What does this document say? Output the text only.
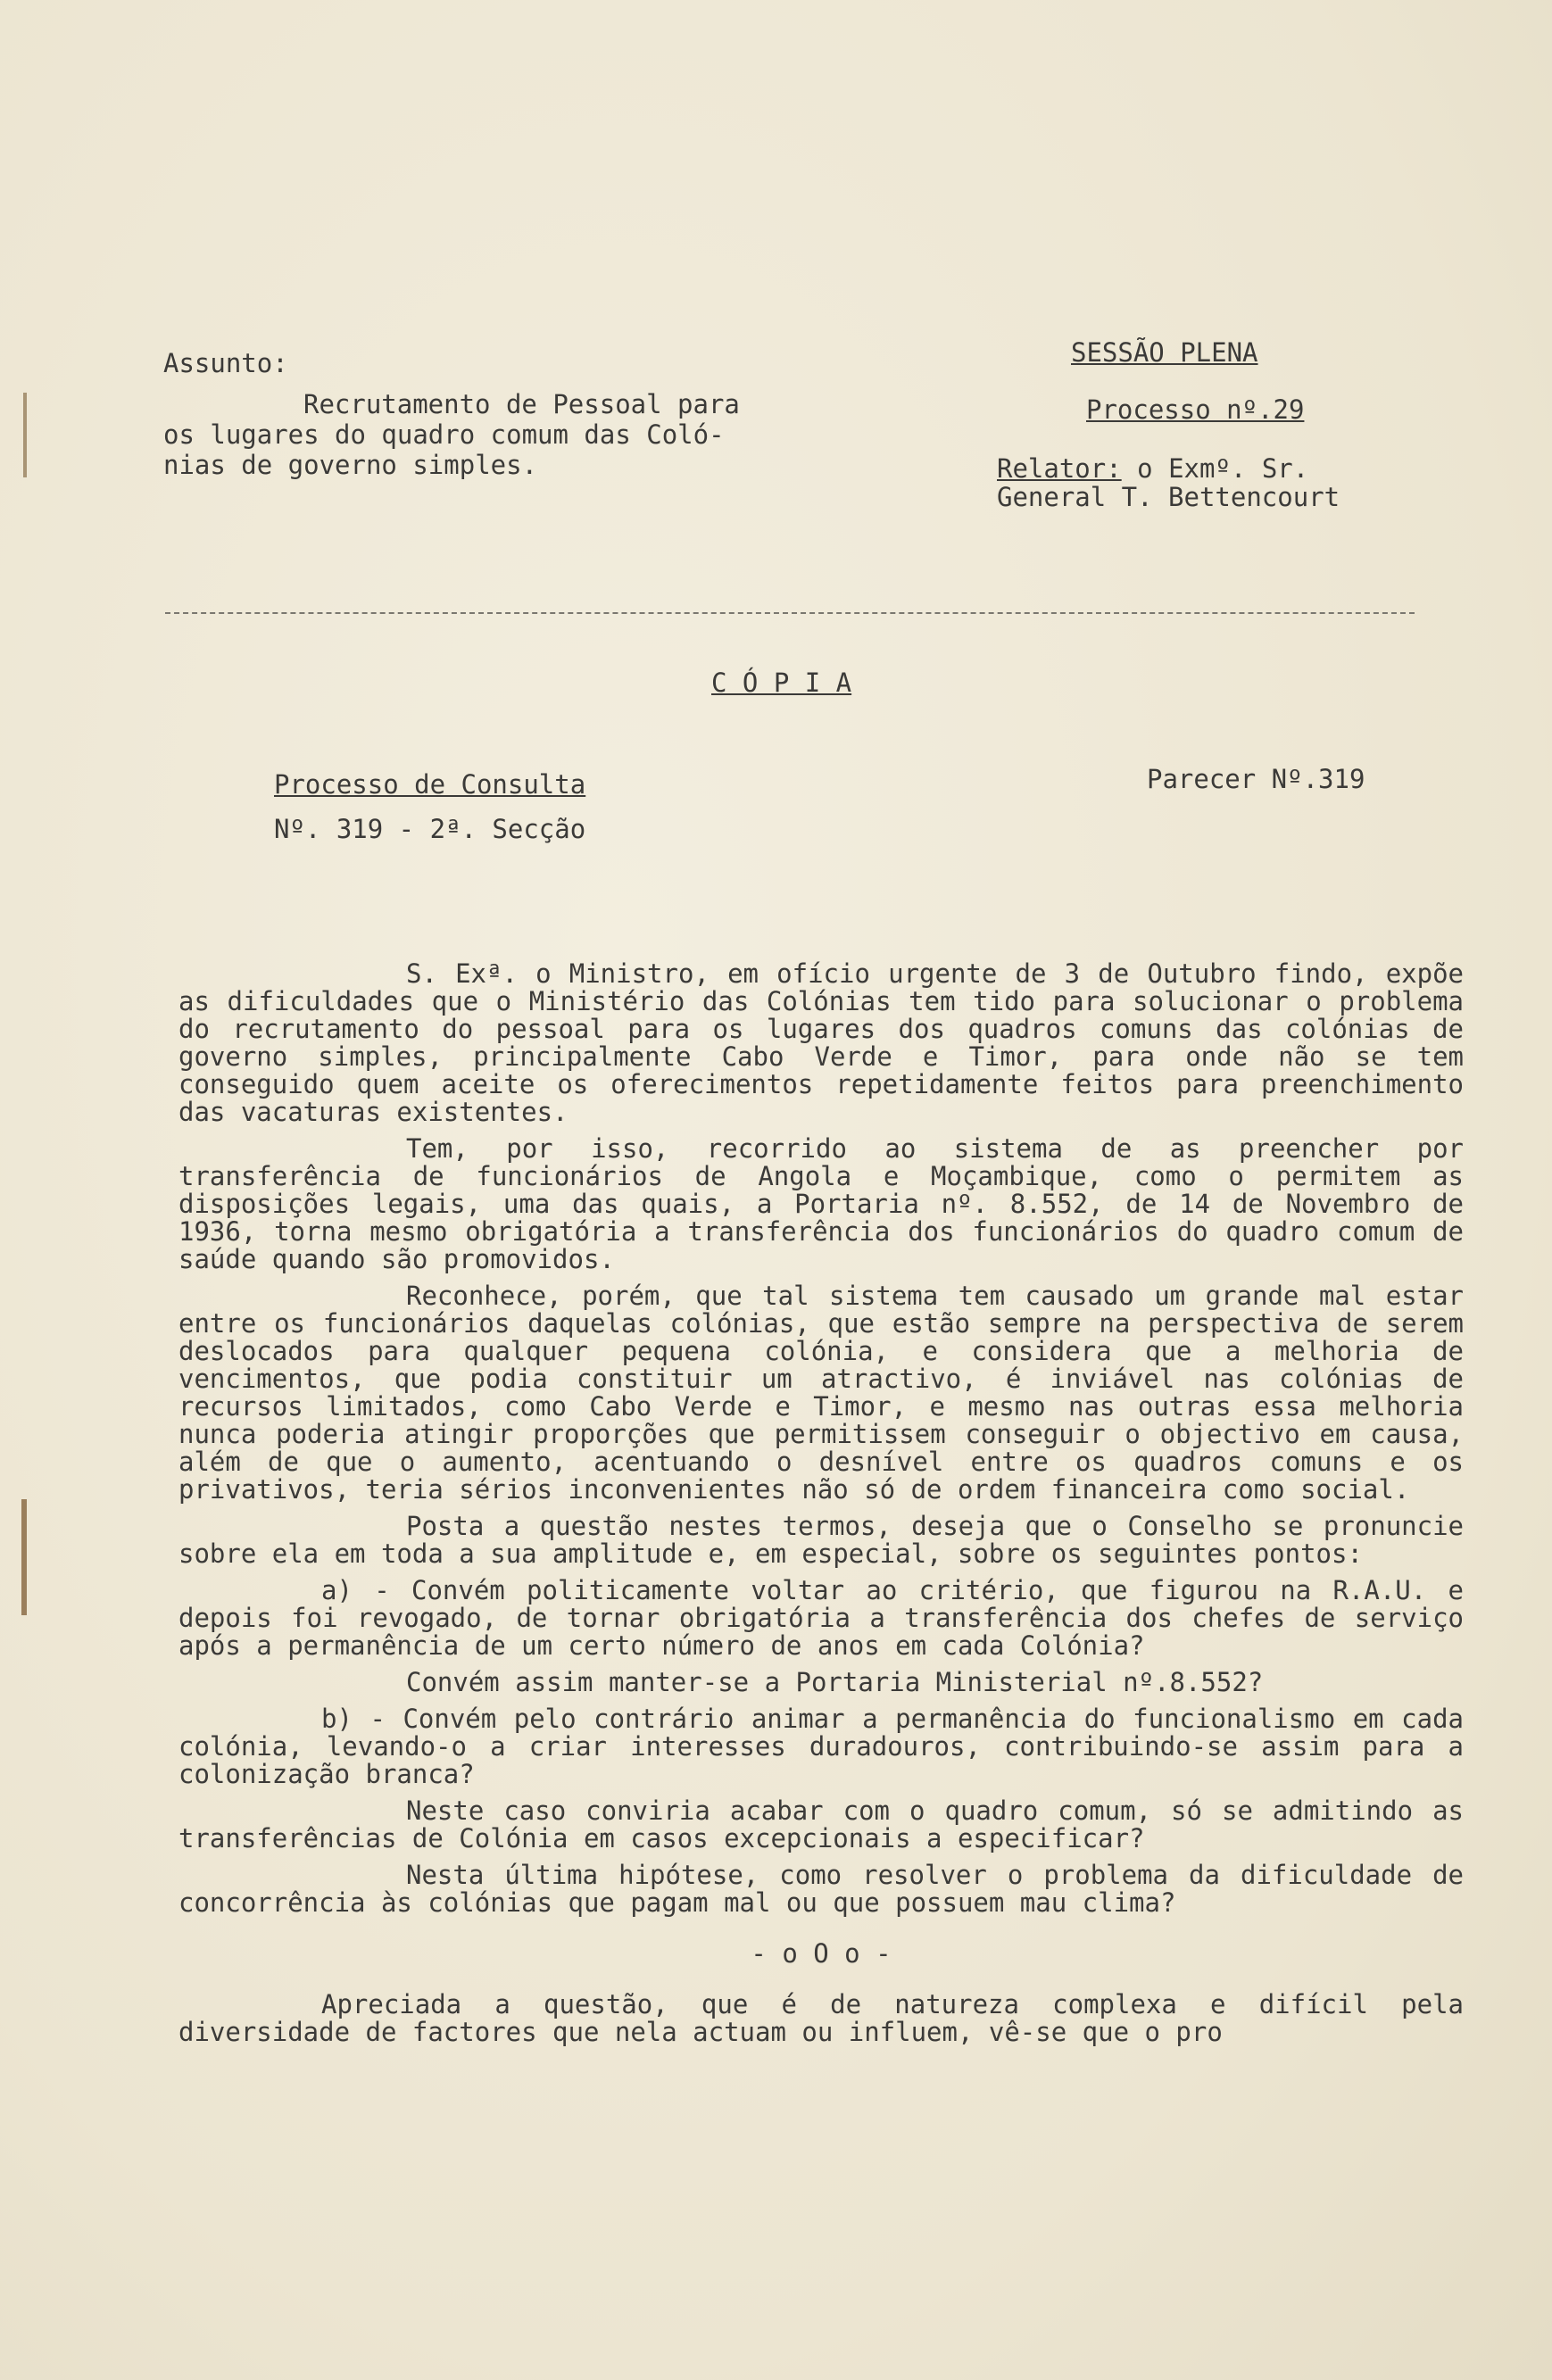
Assunto:
Recrutamento de Pessoal para
os lugares do quadro comum das Coló-
nias de governo simples.
SESSÃO PLENA
Processo nº.29
Relator: o Exmº. Sr.
General T. Bettencourt
C Ó P I A
Processo de Consulta
Nº. 319 - 2ª. Secção
Parecer Nº.319

S. Exª. o Ministro, em ofício urgente de 3 de Outubro findo, expõe as dificuldades que o Ministério das Colónias tem tido para solucionar o problema do recrutamento do pessoal para os lugares dos quadros comuns das colónias de governo simples, principalmente Cabo Verde e Timor, para onde não se tem conseguido quem aceite os oferecimentos repetidamente feitos para preenchimento das vacaturas existentes.

Tem, por isso, recorrido ao sistema de as preencher por transferência de funcionários de Angola e Moçambique, como o permitem as disposições legais, uma das quais, a Portaria nº. 8.552, de 14 de Novembro de 1936, torna mesmo obrigatória a transferência dos funcionários do quadro comum de saúde quando são promovidos.

Reconhece, porém, que tal sistema tem causado um grande mal estar entre os funcionários daquelas colónias, que estão sempre na perspectiva de serem deslocados para qualquer pequena colónia, e considera que a melhoria de vencimentos, que podia constituir um atractivo, é inviável nas colónias de recursos limitados, como Cabo Verde e Timor, e mesmo nas outras essa melhoria nunca poderia atingir proporções que permitissem conseguir o objectivo em causa, além de que o aumento, acentuando o desnível entre os quadros comuns e os privativos, teria sérios inconvenientes não só de ordem financeira como social.

Posta a questão nestes termos, deseja que o Conselho se pronuncie sobre ela em toda a sua amplitude e, em especial, sobre os seguintes pontos:

a) - Convém politicamente voltar ao critério, que figurou na R.A.U. e depois foi revogado, de tornar obrigatória a transferência dos chefes de serviço após a permanência de um certo número de anos em cada Colónia?

Convém assim manter-se a Portaria Ministerial nº.8.552?

b) - Convém pelo contrário animar a permanência do funcionalismo em cada colónia, levando-o a criar interesses duradouros, contribuindo-se assim para a colonização branca?

Neste caso conviria acabar com o quadro comum, só se admitindo as transferências de Colónia em casos excepcionais a especificar?

Nesta última hipótese, como resolver o problema da dificuldade de concorrência às colónias que pagam mal ou que possuem mau clima?

- o O o -

Apreciada a questão, que é de natureza complexa e difícil pela diversidade de factores que nela actuam ou influem, vê-se que o pro
